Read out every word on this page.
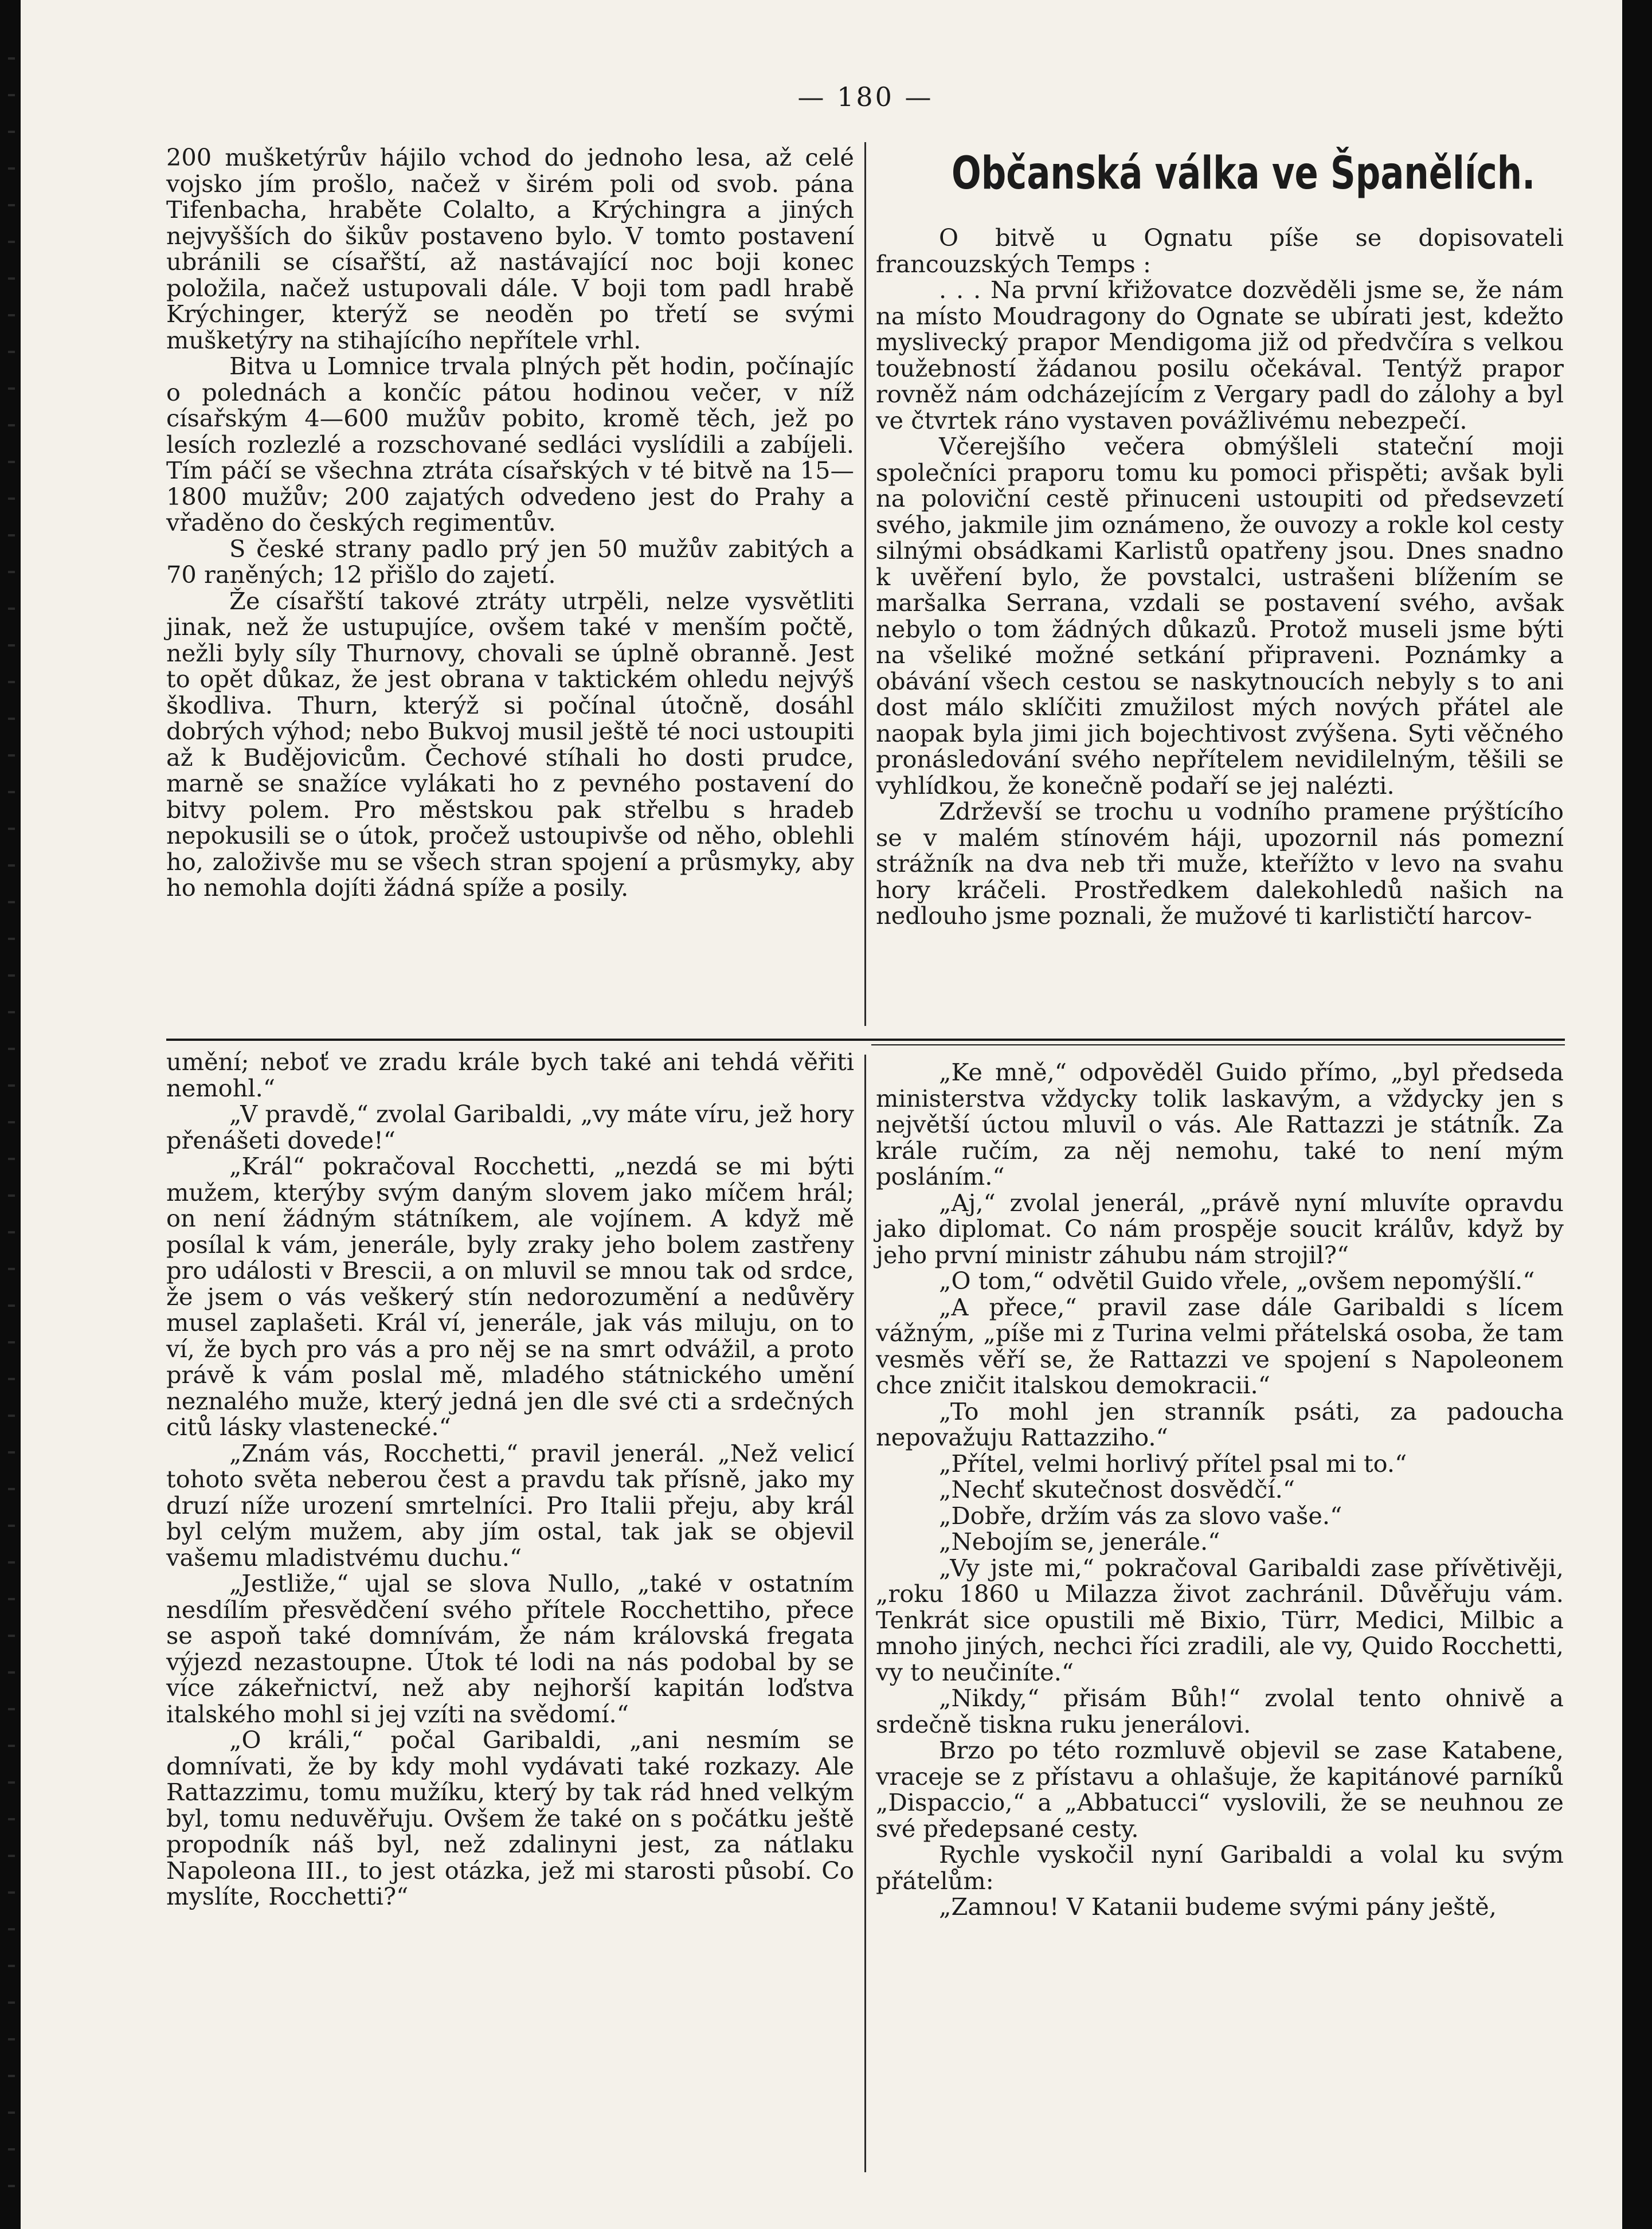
— 180 —

200 mušketýrův hájilo vchod do jednoho lesa, až celé vojsko jím prošlo, načež v širém poli od svob. pána Tifenbacha, hraběte Colalto, a Krýchingra a jiných nejvyšších do šikův postaveno bylo. V tomto postavení ubránili se císařští, až nastávající noc boji konec položila, načež ustupovali dále. V boji tom padl hrabě Krýchinger, kterýž se neoděn po třetí se svými mušketýry na stihajícího nepřítele vrhl.

Bitva u Lomnice trvala plných pět hodin, počínajíc o polednách a končíc pátou hodinou večer, v níž císařským 4—600 mužův pobito, kromě těch, jež po lesích rozlezlé a rozschované sedláci vyslídili a zabíjeli. Tím páčí se všechna ztráta císařských v té bitvě na 15—1800 mužův; 200 zajatých odvedeno jest do Prahy a vřaděno do českých regimentův.

S české strany padlo prý jen 50 mužův zabitých a 70 raněných; 12 přišlo do zajetí.

Že císařští takové ztráty utrpěli, nelze vysvětliti jinak, než že ustupujíce, ovšem také v menším počtě, nežli byly síly Thurnovy, chovali se úplně obranně. Jest to opět důkaz, že jest obrana v taktickém ohledu nejvýš škodliva. Thurn, kterýž si počínal útočně, dosáhl dobrých výhod; nebo Bukvoj musil ještě té noci ustoupiti až k Budějovicům. Čechové stíhali ho dosti prudce, marně se snažíce vylákati ho z pevného postavení do bitvy polem. Pro městskou pak střelbu s hradeb nepokusili se o útok, pročež ustoupivše od něho, oblehli ho, založivše mu se všech stran spojení a průsmyky, aby ho nemohla dojíti žádná spíže a posily.

Občanská válka ve Španělích.

O bitvě u Ognatu píše se dopisovateli francouzských Temps :

. . . Na první křižovatce dozvěděli jsme se, že nám na místo Moudragony do Ognate se ubírati jest, kdežto myslivecký prapor Mendigoma již od předvčíra s velkou toužebností žádanou posilu očekával. Tentýž prapor rovněž nám odcházejícím z Vergary padl do zálohy a byl ve čtvrtek ráno vystaven povážlivému nebezpečí.

Včerejšího večera obmýšleli stateční moji společníci praporu tomu ku pomoci přispěti; avšak byli na poloviční cestě přinuceni ustoupiti od předsevzetí svého, jakmile jim oznámeno, že ouvozy a rokle kol cesty silnými obsádkami Karlistů opatřeny jsou. Dnes snadno k uvěření bylo, že povstalci, ustrašeni blížením se maršalka Serrana, vzdali se postavení svého, avšak nebylo o tom žádných důkazů. Protož museli jsme býti na všeliké možné setkání připraveni. Poznámky a obávání všech cestou se naskytnoucích nebyly s to ani dost málo sklíčiti zmužilost mých nových přátel ale naopak byla jimi jich bojechtivost zvýšena. Syti věčného pronásledování svého nepřítelem nevidilelným, těšili se vyhlídkou, že konečně podaří se jej nalézti.

Zdrževší se trochu u vodního pramene prýštícího se v malém stínovém háji, upozornil nás pomezní strážník na dva neb tři muže, kteřížto v levo na svahu hory kráčeli. Prostředkem dalekohledů našich na nedlouho jsme poznali, že mužové ti karlističtí harcov-

umění; neboť ve zradu krále bych také ani tehdá věřiti nemohl.“

„V pravdě,“ zvolal Garibaldi, „vy máte víru, jež hory přenášeti dovede!“

„Král“ pokračoval Rocchetti, „nezdá se mi býti mužem, kterýby svým daným slovem jako míčem hrál; on není žádným státníkem, ale vojínem. A když mě posílal k vám, jenerále, byly zraky jeho bolem zastřeny pro události v Brescii, a on mluvil se mnou tak od srdce, že jsem o vás veškerý stín nedorozumění a nedůvěry musel zaplašeti. Král ví, jenerále, jak vás miluju, on to ví, že bych pro vás a pro něj se na smrt odvážil, a proto právě k vám poslal mě, mladého státnického umění neznalého muže, který jedná jen dle své cti a srdečných citů lásky vlastenecké.“

„Znám vás, Rocchetti,“ pravil jenerál. „Než velicí tohoto světa neberou čest a pravdu tak přísně, jako my druzí níže urození smrtelníci. Pro Italii přeju, aby král byl celým mužem, aby jím ostal, tak jak se objevil vašemu mladistvému duchu.“

„Jestliže,“ ujal se slova Nullo, „také v ostatním nesdílím přesvědčení svého přítele Rocchettiho, přece se aspoň také domnívám, že nám královská fregata výjezd nezastoupne. Útok té lodi na nás podobal by se více zákeřnictví, než aby nejhorší kapitán loďstva italského mohl si jej vzíti na svědomí.“

„O králi,“ počal Garibaldi, „ani nesmím se domnívati, že by kdy mohl vydávati také rozkazy. Ale Rattazzimu, tomu mužíku, který by tak rád hned velkým byl, tomu neduvěřuju. Ovšem že také on s počátku ještě propodník náš byl, než zdalinyni jest, za nátlaku Napoleona III., to jest otázka, jež mi starosti působí. Co myslíte, Rocchetti?“

„Ke mně,“ odpověděl Guido přímo, „byl předseda ministerstva vždycky tolik laskavým, a vždycky jen s největší úctou mluvil o vás. Ale Rattazzi je státník. Za krále ručím, za něj nemohu, také to není mým posláním.“

„Aj,“ zvolal jenerál, „právě nyní mluvíte opravdu jako diplomat. Co nám prospěje soucit králův, když by jeho první ministr záhubu nám strojil?“

„O tom,“ odvětil Guido vřele, „ovšem nepomýšlí.“

„A přece,“ pravil zase dále Garibaldi s lícem vážným, „píše mi z Turina velmi přátelská osoba, že tam vesměs věří se, že Rattazzi ve spojení s Napoleonem chce zničit italskou demokracii.“

„To mohl jen stranník psáti, za padoucha nepovažuju Rattazziho.“

„Přítel, velmi horlivý přítel psal mi to.“

„Nechť skutečnost dosvědčí.“

„Dobře, držím vás za slovo vaše.“

„Nebojím se, jenerále.“

„Vy jste mi,“ pokračoval Garibaldi zase přívětivěji, „roku 1860 u Milazza život zachránil. Důvěřuju vám. Tenkrát sice opustili mě Bixio, Türr, Medici, Milbic a mnoho jiných, nechci říci zradili, ale vy, Quido Rocchetti, vy to neučiníte.“

„Nikdy,“ přisám Bůh!“ zvolal tento ohnivě a srdečně tiskna ruku jenerálovi.

Brzo po této rozmluvě objevil se zase Katabene, vraceje se z přístavu a ohlašuje, že kapitánové parníků „Dispaccio,“ a „Abbatucci“ vyslovili, že se neuhnou ze své předepsané cesty.

Rychle vyskočil nyní Garibaldi a volal ku svým přátelům:

„Zamnou! V Katanii budeme svými pány ještě,
